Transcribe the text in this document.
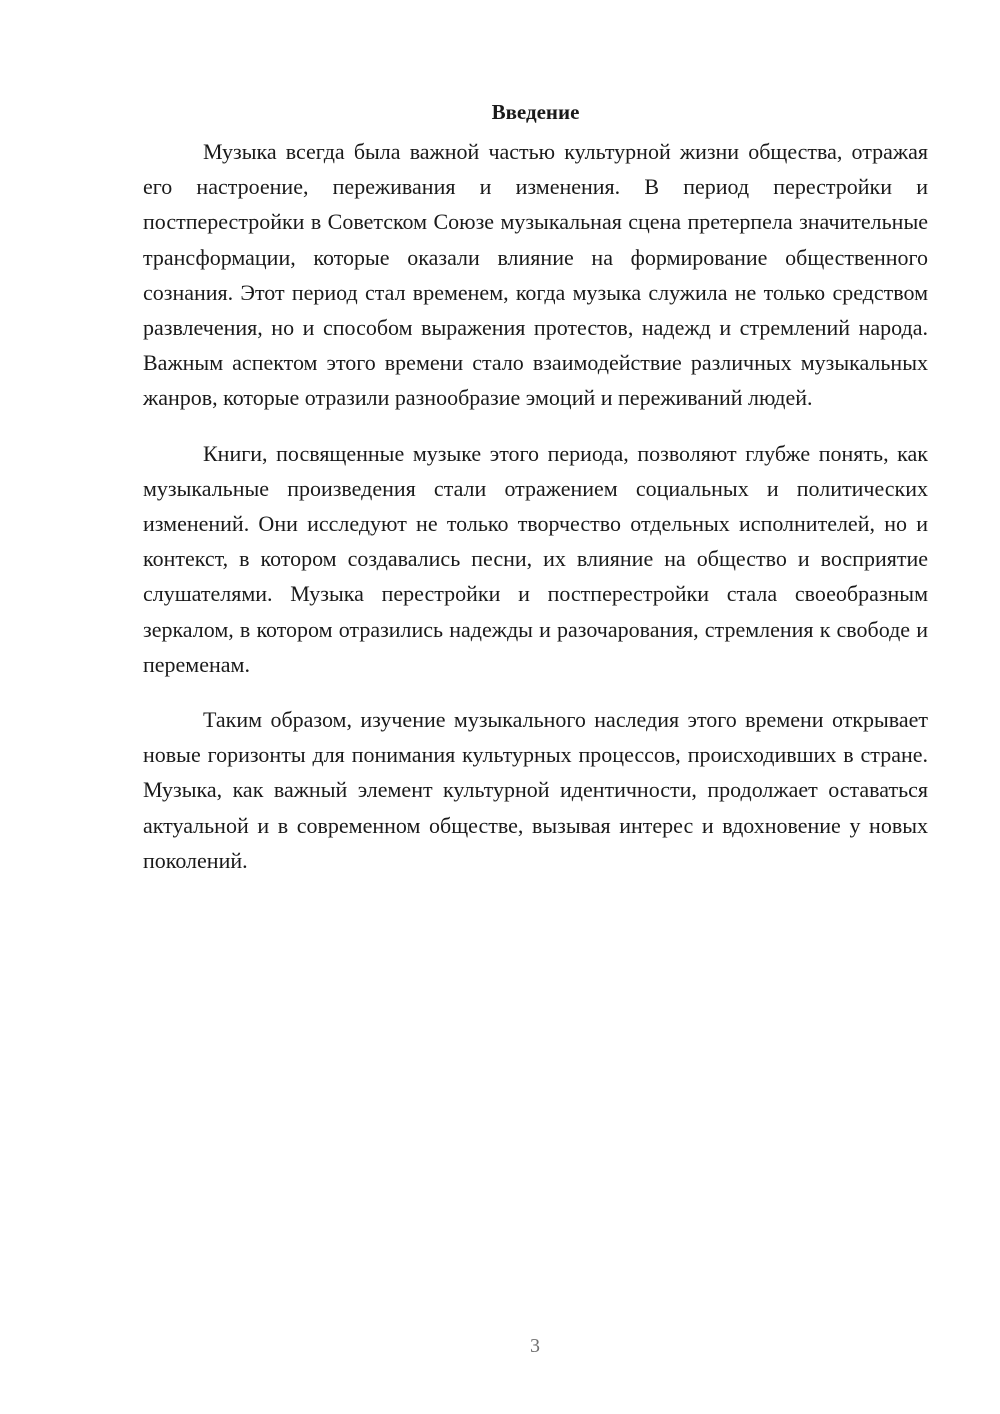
Введение

Музыка всегда была важной частью культурной жизни общества, отражая его настроение, переживания и изменения. В период перестройки и постперестройки в Советском Союзе музыкальная сцена претерпела значительные трансформации, которые оказали влияние на формирование общественного сознания. Этот период стал временем, когда музыка служила не только средством развлечения, но и способом выражения протестов, надежд и стремлений народа. Важным аспектом этого времени стало взаимодействие различных музыкальных жанров, которые отразили разнообразие эмоций и переживаний людей.

Книги, посвященные музыке этого периода, позволяют глубже понять, как музыкальные произведения стали отражением социальных и политических изменений. Они исследуют не только творчество отдельных исполнителей, но и контекст, в котором создавались песни, их влияние на общество и восприятие слушателями. Музыка перестройки и постперестройки стала своеобразным зеркалом, в котором отразились надежды и разочарования, стремления к свободе и переменам.

Таким образом, изучение музыкального наследия этого времени открывает новые горизонты для понимания культурных процессов, происходивших в стране. Музыка, как важный элемент культурной идентичности, продолжает оставаться актуальной и в современном обществе, вызывая интерес и вдохновение у новых поколений.

3
